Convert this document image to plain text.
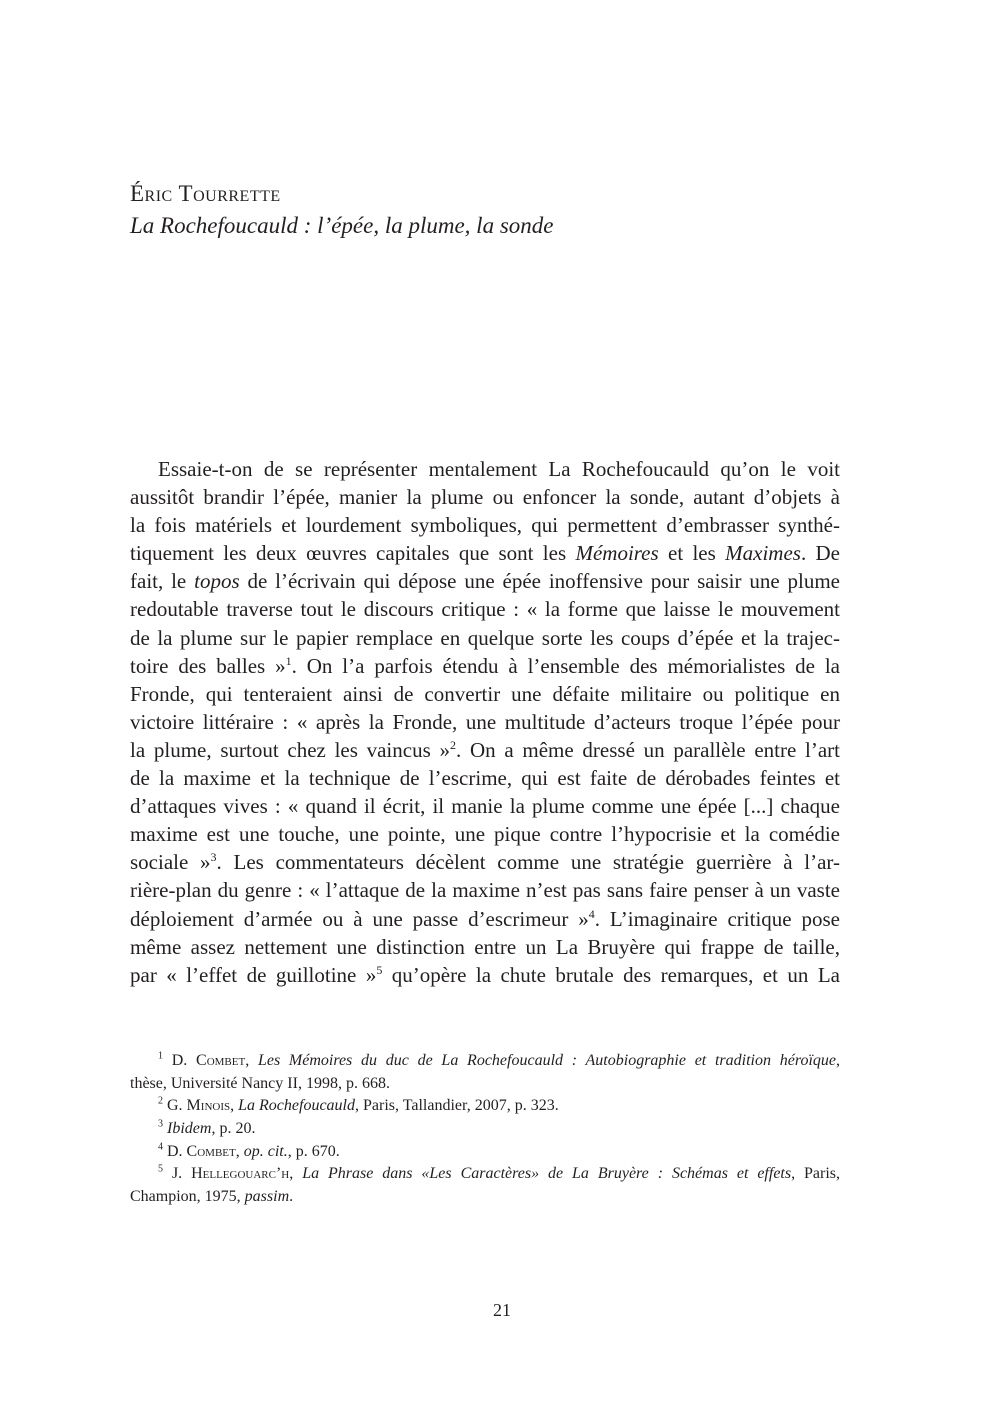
Éric Tourrette
La Rochefoucauld : l’épée, la plume, la sonde
Essaie-t-on de se représenter mentalement La Rochefoucauld qu’on le voit
aussitôt brandir l’épée, manier la plume ou enfoncer la sonde, autant d’objets à
la fois matériels et lourdement symboliques, qui permettent d’embrasser synthé-
tiquement les deux œuvres capitales que sont les Mémoires et les Maximes. De
fait, le topos de l’écrivain qui dépose une épée inoffensive pour saisir une plume
redoutable traverse tout le discours critique : « la forme que laisse le mouvement
de la plume sur le papier remplace en quelque sorte les coups d’épée et la trajec-
toire des balles »$^1$. On l’a parfois étendu à l’ensemble des mémorialistes de la
Fronde, qui tenteraient ainsi de convertir une défaite militaire ou politique en
victoire littéraire : « après la Fronde, une multitude d’acteurs troque l’épée pour
la plume, surtout chez les vaincus »$^2$. On a même dressé un parallèle entre l’art
de la maxime et la technique de l’escrime, qui est faite de dérobades feintes et
d’attaques vives : « quand il écrit, il manie la plume comme une épée [...] chaque
maxime est une touche, une pointe, une pique contre l’hypocrisie et la comédie
sociale »$^3$. Les commentateurs décèlent comme une stratégie guerrière à l’ar-
rière-plan du genre : « l’attaque de la maxime n’est pas sans faire penser à un vaste
déploiement d’armée ou à une passe d’escrimeur »$^4$. L’imaginaire critique pose
même assez nettement une distinction entre un La Bruyère qui frappe de taille,
par « l’effet de guillotine »$^5$ qu’opère la chute brutale des remarques, et un La
$^1$ D. Combet, Les Mémoires du duc de La Rochefoucauld : Autobiographie et tradition héroïque,
thèse, Université Nancy II, 1998, p. 668.
$^2$ G. Minois, La Rochefoucauld, Paris, Tallandier, 2007, p. 323.
$^3$ Ibidem, p. 20.
$^4$ D. Combet, op. cit., p. 670.
$^5$ J. Hellegouarc’h, La Phrase dans «Les Caractères» de La Bruyère : Schémas et effets, Paris,
Champion, 1975, passim.
21
